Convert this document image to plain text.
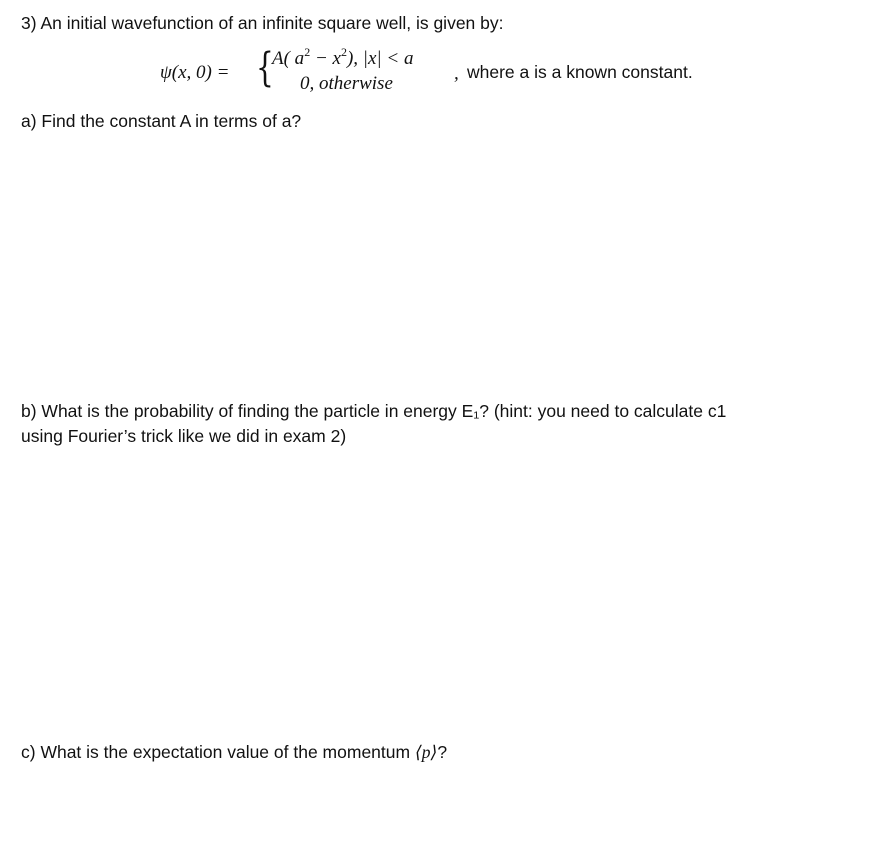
3) An initial wavefunction of an infinite square well, is given by:
ψ(x, 0) = {
A( $a^2 - x^2$), |x| < a
0, otherwise	, where a is a known constant.
a) Find the constant A in terms of a?
b) What is the probability of finding the particle in energy E₁? (hint: you need to calculate c1
using Fourier’s trick like we did in exam 2)
c) What is the expectation value of the momentum ⟨p⟩?
